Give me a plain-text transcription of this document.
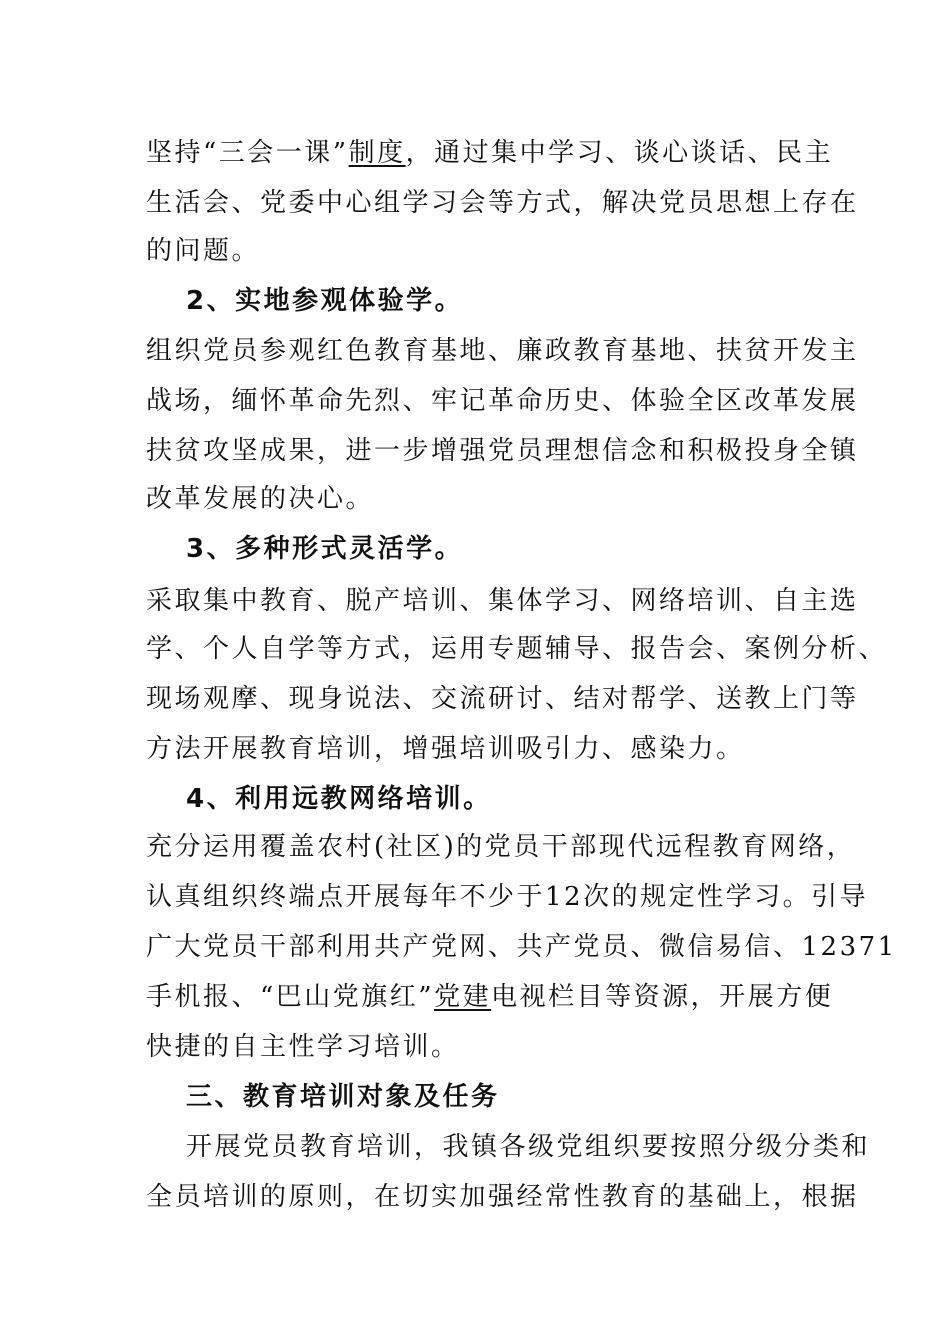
坚持“三会一课”制度，通过集中学习、谈心谈话、民主
生活会、党委中心组学习会等方式，解决党员思想上存在
的问题。
2、实地参观体验学。
组织党员参观红色教育基地、廉政教育基地、扶贫开发主
战场，缅怀革命先烈、牢记革命历史、体验全区改革发展
扶贫攻坚成果，进一步增强党员理想信念和积极投身全镇
改革发展的决心。
3、多种形式灵活学。
采取集中教育、脱产培训、集体学习、网络培训、自主选
学、个人自学等方式，运用专题辅导、报告会、案例分析、
现场观摩、现身说法、交流研讨、结对帮学、送教上门等
方法开展教育培训，增强培训吸引力、感染力。
4、利用远教网络培训。
充分运用覆盖农村(社区)的党员干部现代远程教育网络，
认真组织终端点开展每年不少于12次的规定性学习。引导
广大党员干部利用共产党网、共产党员、微信易信、12371
手机报、“巴山党旗红”党建电视栏目等资源，开展方便
快捷的自主性学习培训。
三、教育培训对象及任务
开展党员教育培训，我镇各级党组织要按照分级分类和
全员培训的原则，在切实加强经常性教育的基础上，根据
